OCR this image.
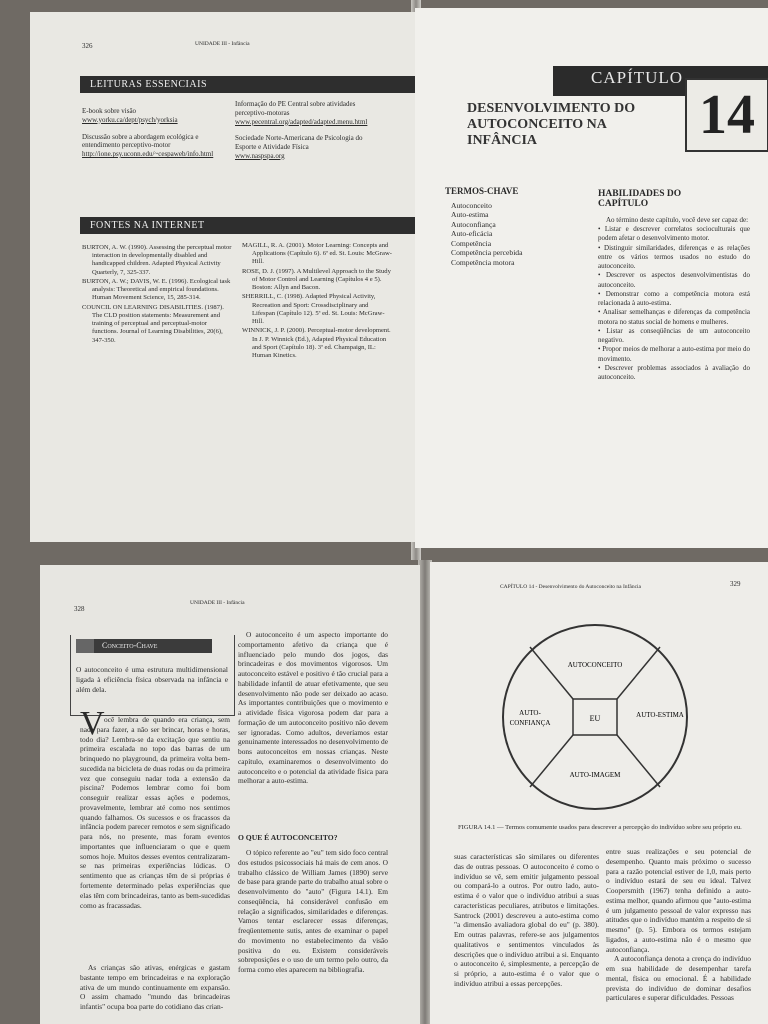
326	UNIDADE III - Infância
LEITURAS ESSENCIAIS
E-book sobre visão
www.yorku.ca/dept/psych/yorksia
Discussão sobre a abordagem ecológica e entendimento perceptivo-motor
http://ione.psy.uconn.edu/~cespaweb/info.html
Informação do PE Central sobre atividades perceptivo-motoras
www.pecentral.org/adapted/adapted.menu.html
Sociedade Norte-Americana de Psicologia do Esporte e Atividade Física
www.naspspa.org
FONTES NA INTERNET
BURTON, A. W. (1990). Assessing the perceptual motor interaction in developmentally disabled and handicapped children. Adapted Physical Activity Quarterly, 7, 325-337.
BURTON, A. W.; DAVIS, W. E. (1996). Ecological task analysis: Theoretical and empirical foundations. Human Movement Science, 15, 285-314.
COUNCIL ON LEARNING DISABILITIES. (1987). The CLD position statements: Measurement and training of perceptual and perceptual-motor functions. Journal of Learning Disabilities, 20(6), 347-350.
MAGILL, R. A. (2001). Motor Learning: Concepts and Applications (Capítulo 6). 6ª ed. St. Louis: McGraw-Hill.
ROSE, D. J. (1997). A Multilevel Approach to the Study of Motor Control and Learning (Capítulos 4 e 5). Boston: Allyn and Bacon.
SHERRILL, C. (1998). Adapted Physical Activity, Recreation and Sport: Crossdisciplinary and Lifespan (Capítulo 12). 5ª ed. St. Louis: McGraw-Hill.
WINNICK, J. P. (2000). Perceptual-motor development. In J. P. Winnick (Ed.), Adapted Physical Education and Sport (Capítulo 18). 3ª ed. Champaign, IL: Human Kinetics.
CAPÍTULO
14
DESENVOLVIMENTO DO
AUTOCONCEITO NA
INFÂNCIA
TERMOS-CHAVE
Autoconceito
Auto-estima
Autoconfiança
Auto-eficácia
Competência
Competência percebida
Competência motora
HABILIDADES DO
CAPÍTULO
Ao término deste capítulo, você deve ser capaz de:
• Listar e descrever correlatos socioculturais que podem afetar o desenvolvimento motor.
• Distinguir similaridades, diferenças e as relações entre os vários termos usados no estudo do autoconceito.
• Descrever os aspectos desenvolvimentistas do autoconceito.
• Demonstrar como a competência motora está relacionada à auto-estima.
• Analisar semelhanças e diferenças da competência motora no status social de homens e mulheres.
• Listar as conseqüências de um autoconceito negativo.
• Propor meios de melhorar a auto-estima por meio do movimento.
• Descrever problemas associados à avaliação do autoconceito.
328
UNIDADE III - Infância
Conceito-Chave
O autoconceito é uma estrutura multidimensional ligada à eficiência física observada na infância e além dela.
V ocê lembra de quando era criança, sem nada para fazer, a não ser brincar, horas e horas, todo dia? Lembra-se da excitação que sentiu na primeira escalada no topo das barras de um brinquedo no playground, da primeira volta bem-sucedida na bicicleta de duas rodas ou da primeira vez que conseguiu nadar toda a extensão da piscina? Podemos lembrar como foi bom conseguir realizar essas ações e podemos, provavelmente, lembrar até como nos sentimos quando falhamos. Os sucessos e os fracassos da infância podem parecer remotos e sem significado para nós, no presente, mas foram eventos importantes que influenciaram o que e quem somos hoje. Muitos desses eventos centralizaram-se nas primeiras experiências lúdicas. O sentimento que as crianças têm de si próprias é fortemente determinado pelas experiências que elas têm com brincadeiras, tanto as bem-sucedidas como as fracassadas.
As crianças são ativas, enérgicas e gastam bastante tempo em brincadeiras e na exploração ativa de um mundo continuamente em expansão. O assim chamado "mundo das brincadeiras infantis" ocupa boa parte do cotidiano das crian-
O autoconceito é um aspecto importante do comportamento afetivo da criança que é influenciado pelo mundo dos jogos, das brincadeiras e dos movimentos vigorosos. Um autoconceito estável e positivo é tão crucial para a habilidade infantil de atuar efetivamente, que seu desenvolvimento não pode ser deixado ao acaso. As importantes contribuições que o movimento e a atividade física vigorosa podem dar para a formação de um autoconceito positivo não devem ser ignoradas. Como adultos, deveríamos estar genuinamente interessados no desenvolvimento de bons autoconceitos em nossas crianças. Neste capítulo, examinaremos o desenvolvimento do autoconceito e o potencial da atividade física para melhorar a auto-estima.
O QUE É AUTOCONCEITO?
O tópico referente ao "eu" tem sido foco central dos estudos psicossociais há mais de cem anos. O trabalho clássico de William James (1890) serve de base para grande parte do trabalho atual sobre o desenvolvimento do "auto" (Figura 14.1). Em conseqüência, há considerável confusão em relação a significados, similaridades e diferenças. Vamos tentar esclarecer essas diferenças, freqüentemente sutis, antes de examinar o papel do movimento no estabelecimento da visão positiva do eu. Existem consideráveis sobreposições e o uso de um termo pelo outro, da forma como eles aparecem na bibliografia.
CAPÍTULO 14 - Desenvolvimento do Autoconceito na Infância	329
EU
AUTOCONCEITO
AUTO-
CONFIANÇA
AUTO-ESTIMA
AUTO-IMAGEM
FIGURA 14.1 — Termos comumente usados para descrever a percepção do indivíduo sobre seu próprio eu.
suas características são similares ou diferentes das de outras pessoas. O autoconceito é como o indivíduo se vê, sem emitir julgamento pessoal ou compará-lo a outros. Por outro lado, auto-estima é o valor que o indivíduo atribui a suas características peculiares, atributos e limitações. Santrock (2001) descreveu a auto-estima como "a dimensão avaliadora global do eu" (p. 380). Em outras palavras, refere-se aos julgamentos qualitativos e sentimentos vinculados às descrições que o indivíduo atribui a si. Enquanto o autoconceito é, simplesmente, a percepção de si próprio, a auto-estima é o valor que o indivíduo atribui a essas percepções.
entre suas realizações e seu potencial de desempenho. Quanto mais próximo o sucesso para a razão potencial estiver de 1,0, mais perto o indivíduo estará de seu eu ideal. Talvez Coopersmith (1967) tenha definido a auto-estima melhor, quando afirmou que "auto-estima é um julgamento pessoal de valor expresso nas atitudes que o indivíduo mantém a respeito de si mesmo" (p. 5). Embora os termos estejam ligados, a auto-estima não é o mesmo que autoconfiança.
A autoconfiança denota a crença do indivíduo em sua habilidade de desempenhar tarefa mental, física ou emocional. É a habilidade prevista do indivíduo de dominar desafios particulares e superar dificuldades. Pessoas
